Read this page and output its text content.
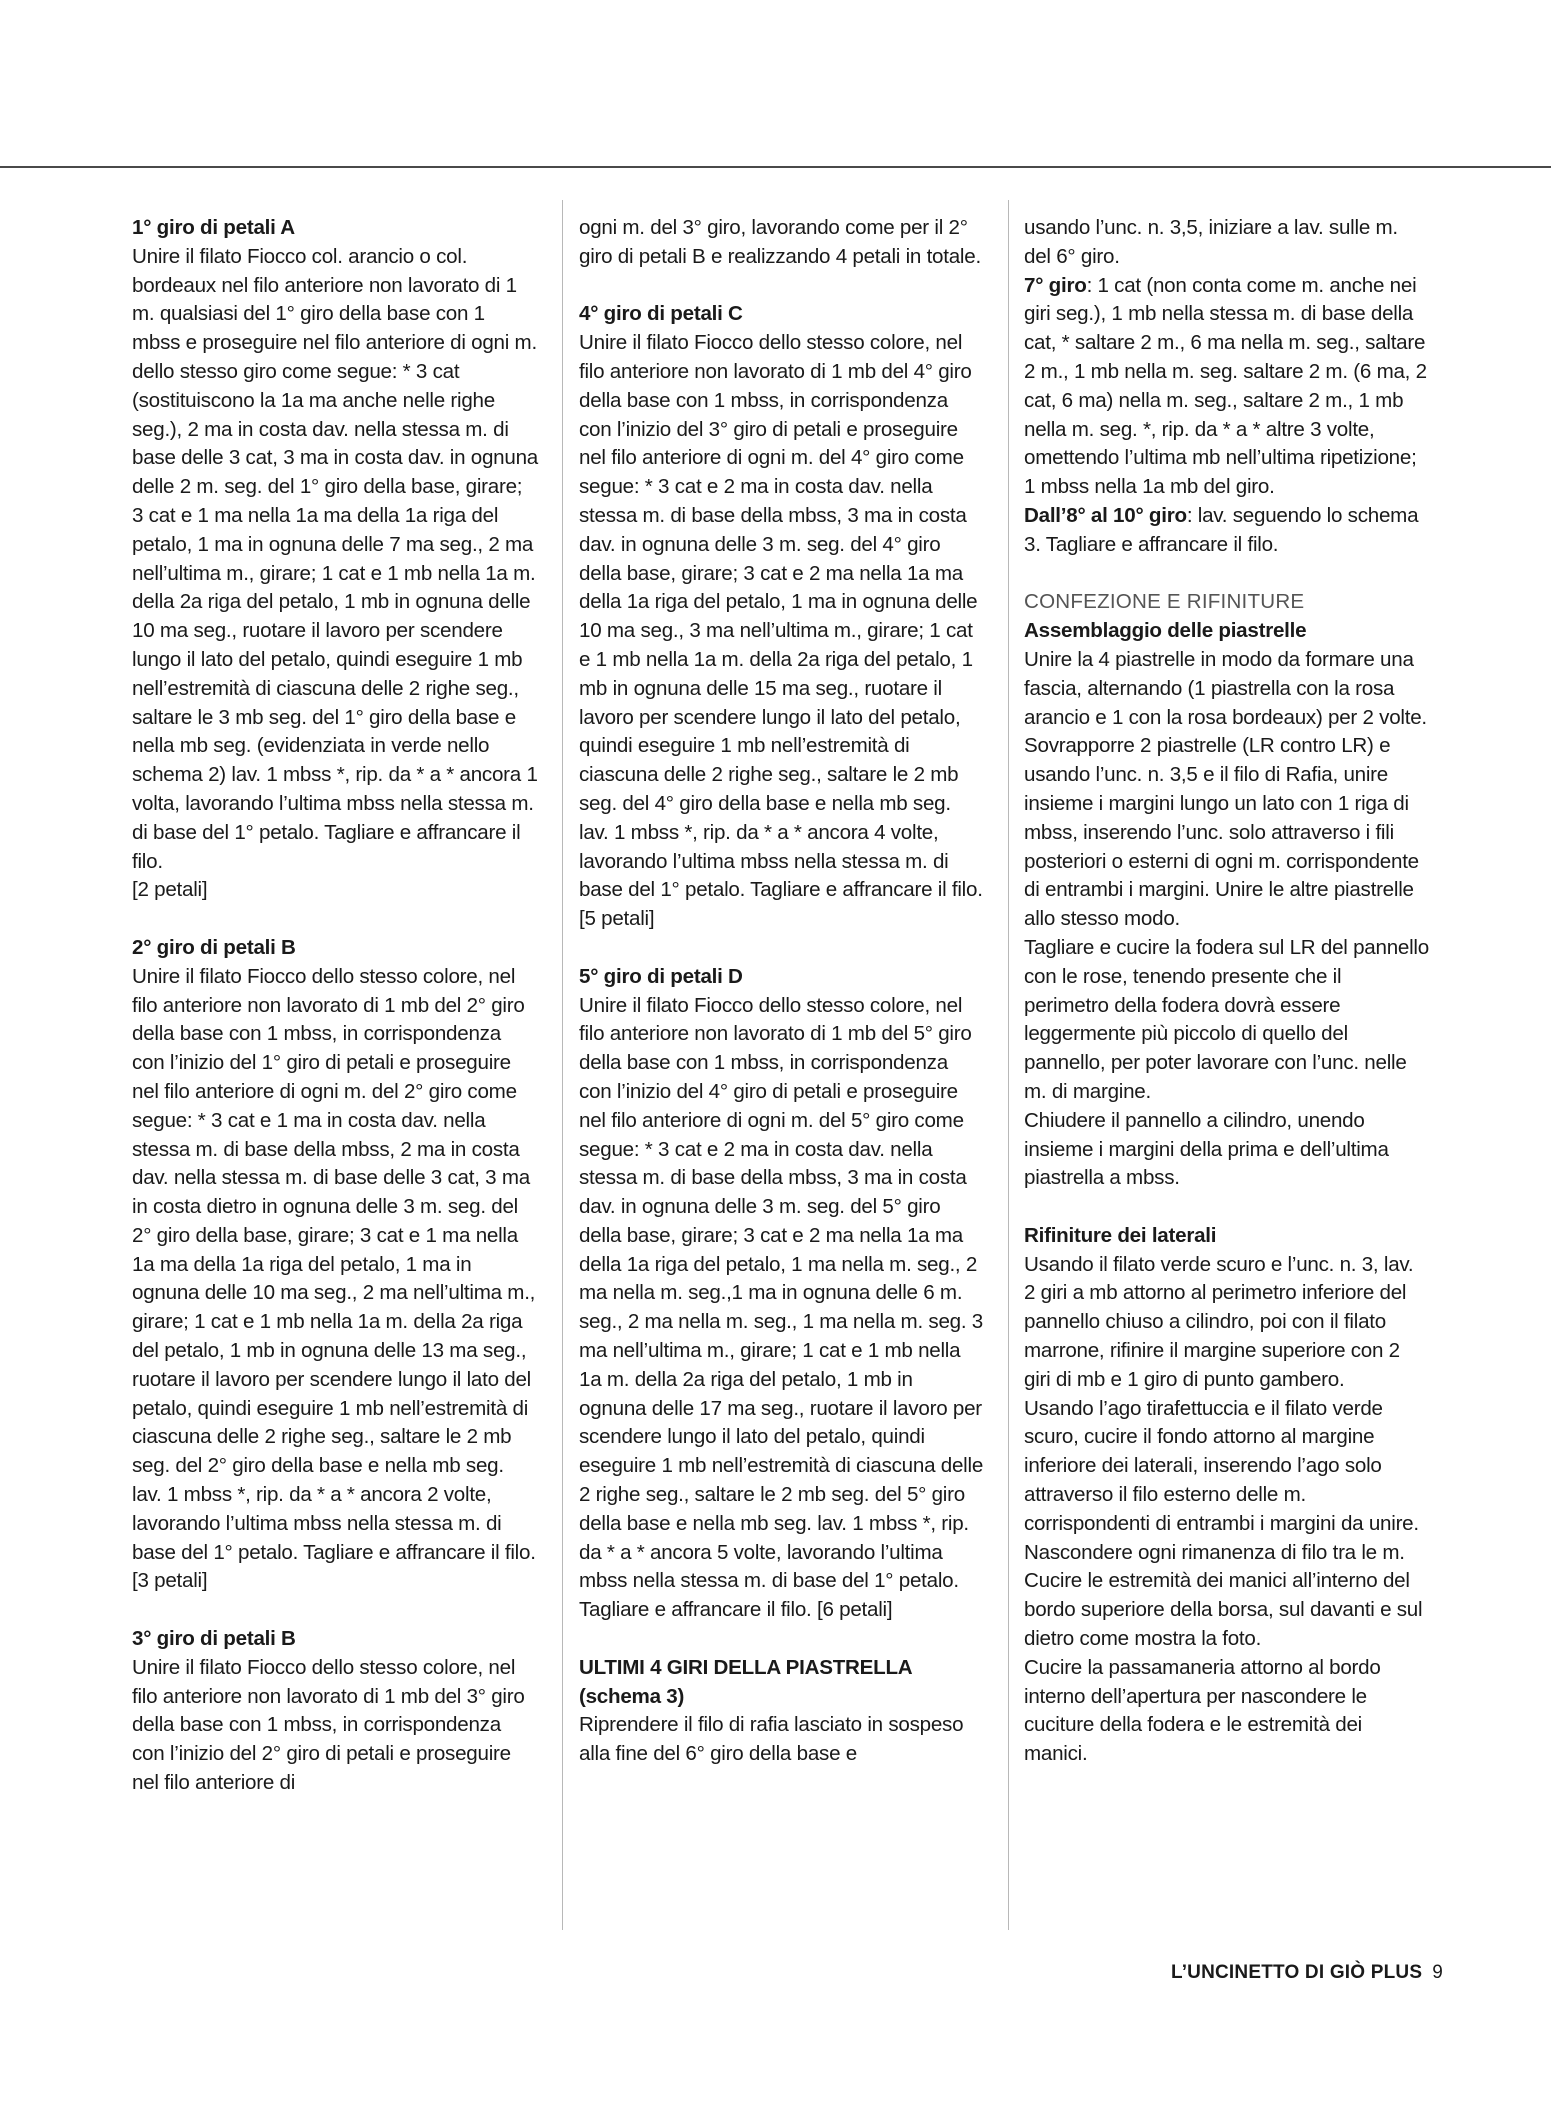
1° giro di petali A
Unire il filato Fiocco col. arancio o col. bordeaux nel filo anteriore non lavorato di 1 m. qualsiasi del 1° giro della base con 1 mbss e proseguire nel filo anteriore di ogni m. dello stesso giro come segue: * 3 cat (sostituiscono la 1a ma anche nelle righe seg.), 2 ma in costa dav. nella stessa m. di base delle 3 cat, 3 ma in costa dav. in ognuna delle 2 m. seg. del 1° giro della base, girare; 3 cat e 1 ma nella 1a ma della 1a riga del petalo, 1 ma in ognuna delle 7 ma seg., 2 ma nell’ultima m., girare; 1 cat e 1 mb nella 1a m. della 2a riga del petalo, 1 mb in ognuna delle 10 ma seg., ruotare il lavoro per scendere lungo il lato del petalo, quindi eseguire 1 mb nell’estremità di ciascuna delle 2 righe seg., saltare le 3 mb seg. del 1° giro della base e nella mb seg. (evidenziata in verde nello schema 2) lav. 1 mbss *, rip. da * a * ancora 1 volta, lavorando l’ultima mbss nella stessa m. di base del 1° petalo. Tagliare e affrancare il filo.
[2 petali]
2° giro di petali B
Unire il filato Fiocco dello stesso colore, nel filo anteriore non lavorato di 1 mb del 2° giro della base con 1 mbss, in corrispondenza con l’inizio del 1° giro di petali e proseguire nel filo anteriore di ogni m. del 2° giro come segue: * 3 cat e 1 ma in costa dav. nella stessa m. di base della mbss, 2 ma in costa dav. nella stessa m. di base delle 3 cat, 3 ma in costa dietro in ognuna delle 3 m. seg. del 2° giro della base, girare; 3 cat e 1 ma nella 1a ma della 1a riga del petalo, 1 ma in ognuna delle 10 ma seg., 2 ma nell’ultima m., girare; 1 cat e 1 mb nella 1a m. della 2a riga del petalo, 1 mb in ognuna delle 13 ma seg., ruotare il lavoro per scendere lungo il lato del petalo, quindi eseguire 1 mb nell’estremità di ciascuna delle 2 righe seg., saltare le 2 mb seg. del 2° giro della base e nella mb seg. lav. 1 mbss *, rip. da * a * ancora 2 volte, lavorando l’ultima mbss nella stessa m. di base del 1° petalo. Tagliare e affrancare il filo. [3 petali]
3° giro di petali B
Unire il filato Fiocco dello stesso colore, nel filo anteriore non lavorato di 1 mb del 3° giro della base con 1 mbss, in corrispondenza con l’inizio del 2° giro di petali e proseguire nel filo anteriore di
ogni m. del 3° giro, lavorando come per il 2° giro di petali B e realizzando 4 petali in totale.
4° giro di petali C
Unire il filato Fiocco dello stesso colore, nel filo anteriore non lavorato di 1 mb del 4° giro della base con 1 mbss, in corrispondenza con l’inizio del 3° giro di petali e proseguire nel filo anteriore di ogni m. del 4° giro come segue: * 3 cat e 2 ma in costa dav. nella stessa m. di base della mbss, 3 ma in costa dav. in ognuna delle 3 m. seg. del 4° giro della base, girare; 3 cat e 2 ma nella 1a ma della 1a riga del petalo, 1 ma in ognuna delle 10 ma seg., 3 ma nell’ultima m., girare; 1 cat e 1 mb nella 1a m. della 2a riga del petalo, 1 mb in ognuna delle 15 ma seg., ruotare il lavoro per scendere lungo il lato del petalo, quindi eseguire 1 mb nell’estremità di ciascuna delle 2 righe seg., saltare le 2 mb seg. del 4° giro della base e nella mb seg. lav. 1 mbss *, rip. da * a * ancora 4 volte, lavorando l’ultima mbss nella stessa m. di base del 1° petalo. Tagliare e affrancare il filo. [5 petali]
5° giro di petali D
Unire il filato Fiocco dello stesso colore, nel filo anteriore non lavorato di 1 mb del 5° giro della base con 1 mbss, in corrispondenza con l’inizio del 4° giro di petali e proseguire nel filo anteriore di ogni m. del 5° giro come segue: * 3 cat e 2 ma in costa dav. nella stessa m. di base della mbss, 3 ma in costa dav. in ognuna delle 3 m. seg. del 5° giro della base, girare; 3 cat e 2 ma nella 1a ma della 1a riga del petalo, 1 ma nella m. seg., 2 ma nella m. seg.,1 ma in ognuna delle 6 m. seg., 2 ma nella m. seg., 1 ma nella m. seg. 3 ma nell’ultima m., girare; 1 cat e 1 mb nella 1a m. della 2a riga del petalo, 1 mb in ognuna delle 17 ma seg., ruotare il lavoro per scendere lungo il lato del petalo, quindi eseguire 1 mb nell’estremità di ciascuna delle 2 righe seg., saltare le 2 mb seg. del 5° giro della base e nella mb seg. lav. 1 mbss *, rip. da * a * ancora 5 volte, lavorando l’ultima mbss nella stessa m. di base del 1° petalo. Tagliare e affrancare il filo. [6 petali]
ULTIMI 4 GIRI DELLA PIASTRELLA (schema 3)
Riprendere il filo di rafia lasciato in sospeso alla fine del 6° giro della base e
usando l’unc. n. 3,5, iniziare a lav. sulle m. del 6° giro.
7° giro: 1 cat (non conta come m. anche nei giri seg.), 1 mb nella stessa m. di base della cat, * saltare 2 m., 6 ma nella m. seg., saltare 2 m., 1 mb nella m. seg. saltare 2 m. (6 ma, 2 cat, 6 ma) nella m. seg., saltare 2 m., 1 mb nella m. seg. *, rip. da * a * altre 3 volte, omettendo l’ultima mb nell’ultima ripetizione; 1 mbss nella 1a mb del giro.
Dall’8° al 10° giro: lav. seguendo lo schema 3. Tagliare e affrancare il filo.
CONFEZIONE E RIFINITURE
Assemblaggio delle piastrelle
Unire la 4 piastrelle in modo da formare una fascia, alternando (1 piastrella con la rosa arancio e 1 con la rosa bordeaux) per 2 volte.
Sovrapporre 2 piastrelle (LR contro LR) e usando l’unc. n. 3,5 e il filo di Rafia, unire insieme i margini lungo un lato con 1 riga di mbss, inserendo l’unc. solo attraverso i fili posteriori o esterni di ogni m. corrispondente di entrambi i margini. Unire le altre piastrelle allo stesso modo.
Tagliare e cucire la fodera sul LR del pannello con le rose, tenendo presente che il perimetro della fodera dovrà essere leggermente più piccolo di quello del pannello, per poter lavorare con l’unc. nelle m. di margine.
Chiudere il pannello a cilindro, unendo insieme i margini della prima e dell’ultima piastrella a mbss.
Rifiniture dei laterali
Usando il filato verde scuro e l’unc. n. 3, lav. 2 giri a mb attorno al perimetro inferiore del pannello chiuso a cilindro, poi con il filato marrone, rifinire il margine superiore con 2 giri di mb e 1 giro di punto gambero.
Usando l’ago tirafettuccia e il filato verde scuro, cucire il fondo attorno al margine inferiore dei laterali, inserendo l’ago solo attraverso il filo esterno delle m. corrispondenti di entrambi i margini da unire.
Nascondere ogni rimanenza di filo tra le m.
Cucire le estremità dei manici all’interno del bordo superiore della borsa, sul davanti e sul dietro come mostra la foto.
Cucire la passamaneria attorno al bordo interno dell’apertura per nascondere le cuciture della fodera e le estremità dei manici.
L’UNCINETTO DI GIÒ PLUS 9
